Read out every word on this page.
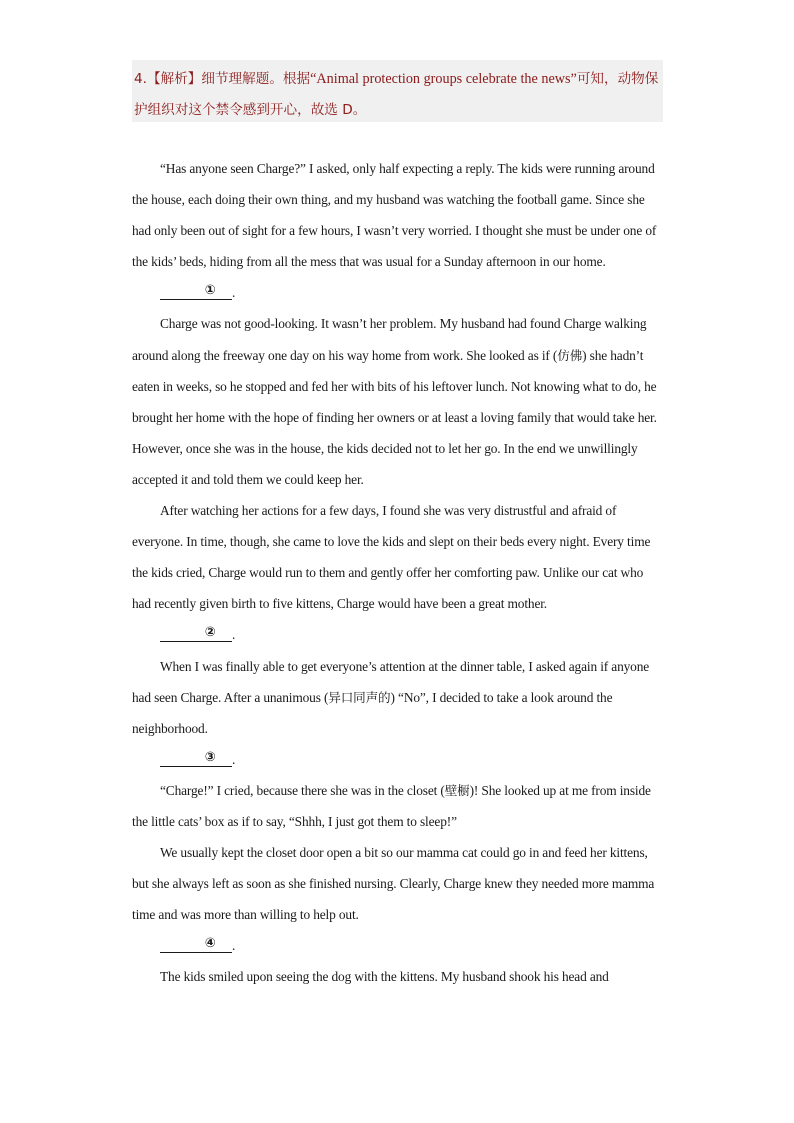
4.【解析】细节理解题。根据“Animal protection groups celebrate the news”可知，动物保护组织对这个禁令感到开心，故选 D。

“Has anyone seen Charge?” I asked, only half expecting a reply. The kids were running around the house, each doing their own thing, and my husband was watching the football game. Since she had only been out of sight for a few hours, I wasn’t very worried. I thought she must be under one of the kids’ beds, hiding from all the mess that was usual for a Sunday afternoon in our home.

①	.

Charge was not good-looking. It wasn’t her problem. My husband had found Charge walking around along the freeway one day on his way home from work. She looked as if (仿佛) she hadn’t eaten in weeks, so he stopped and fed her with bits of his leftover lunch. Not knowing what to do, he brought her home with the hope of finding her owners or at least a loving family that would take her. However, once she was in the house, the kids decided not to let her go. In the end we unwillingly accepted it and told them we could keep her.

After watching her actions for a few days, I found she was very distrustful and afraid of everyone. In time, though, she came to love the kids and slept on their beds every night. Every time the kids cried, Charge would run to them and gently offer her comforting paw. Unlike our cat who had recently given birth to five kittens, Charge would have been a great mother.

②	.

When I was finally able to get everyone’s attention at the dinner table, I asked again if anyone had seen Charge. After a unanimous (异口同声的) “No”, I decided to take a look around the neighborhood.

③	.

“Charge!” I cried, because there she was in the closet (壁橱)! She looked up at me from inside the little cats’ box as if to say, “Shhh, I just got them to sleep!”

We usually kept the closet door open a bit so our mamma cat could go in and feed her kittens, but she always left as soon as she finished nursing. Clearly, Charge knew they needed more mamma time and was more than willing to help out.

④	.

The kids smiled upon seeing the dog with the kittens. My husband shook his head and
